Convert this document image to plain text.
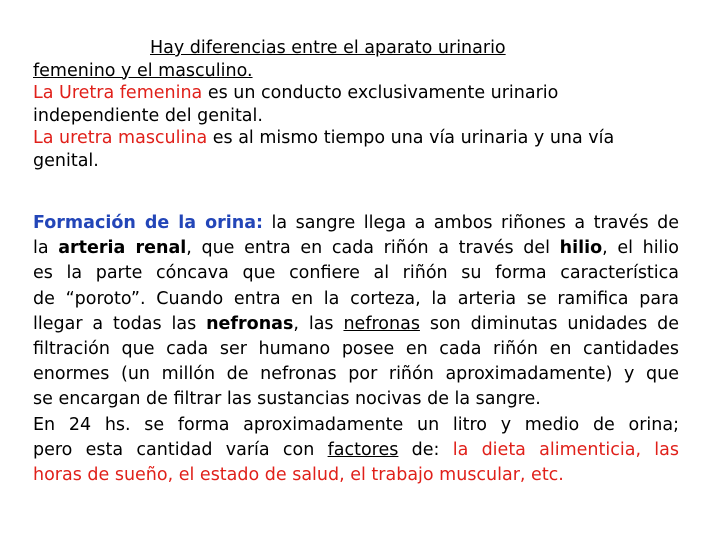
Hay diferencias entre el aparato urinario
femenino y el masculino.
La Uretra femenina es un conducto exclusivamente urinario
independiente del genital.
La uretra masculina es al mismo tiempo una vía urinaria y una vía
genital.
Formación de la orina: la sangre llega a ambos riñones a través de
la arteria renal, que entra en cada riñón a través del hilio, el hilio
es la parte cóncava que confiere al riñón su forma característica
de “poroto”. Cuando entra en la corteza, la arteria se ramifica para
llegar a todas las nefronas, las nefronas son diminutas unidades de
filtración que cada ser humano posee en cada riñón en cantidades
enormes (un millón de nefronas por riñón aproximadamente) y que
se encargan de filtrar las sustancias nocivas de la sangre.
En 24 hs. se forma aproximadamente un litro y medio de orina;
pero esta cantidad varía con factores de: la dieta alimenticia, las
horas de sueño, el estado de salud, el trabajo muscular, etc.
